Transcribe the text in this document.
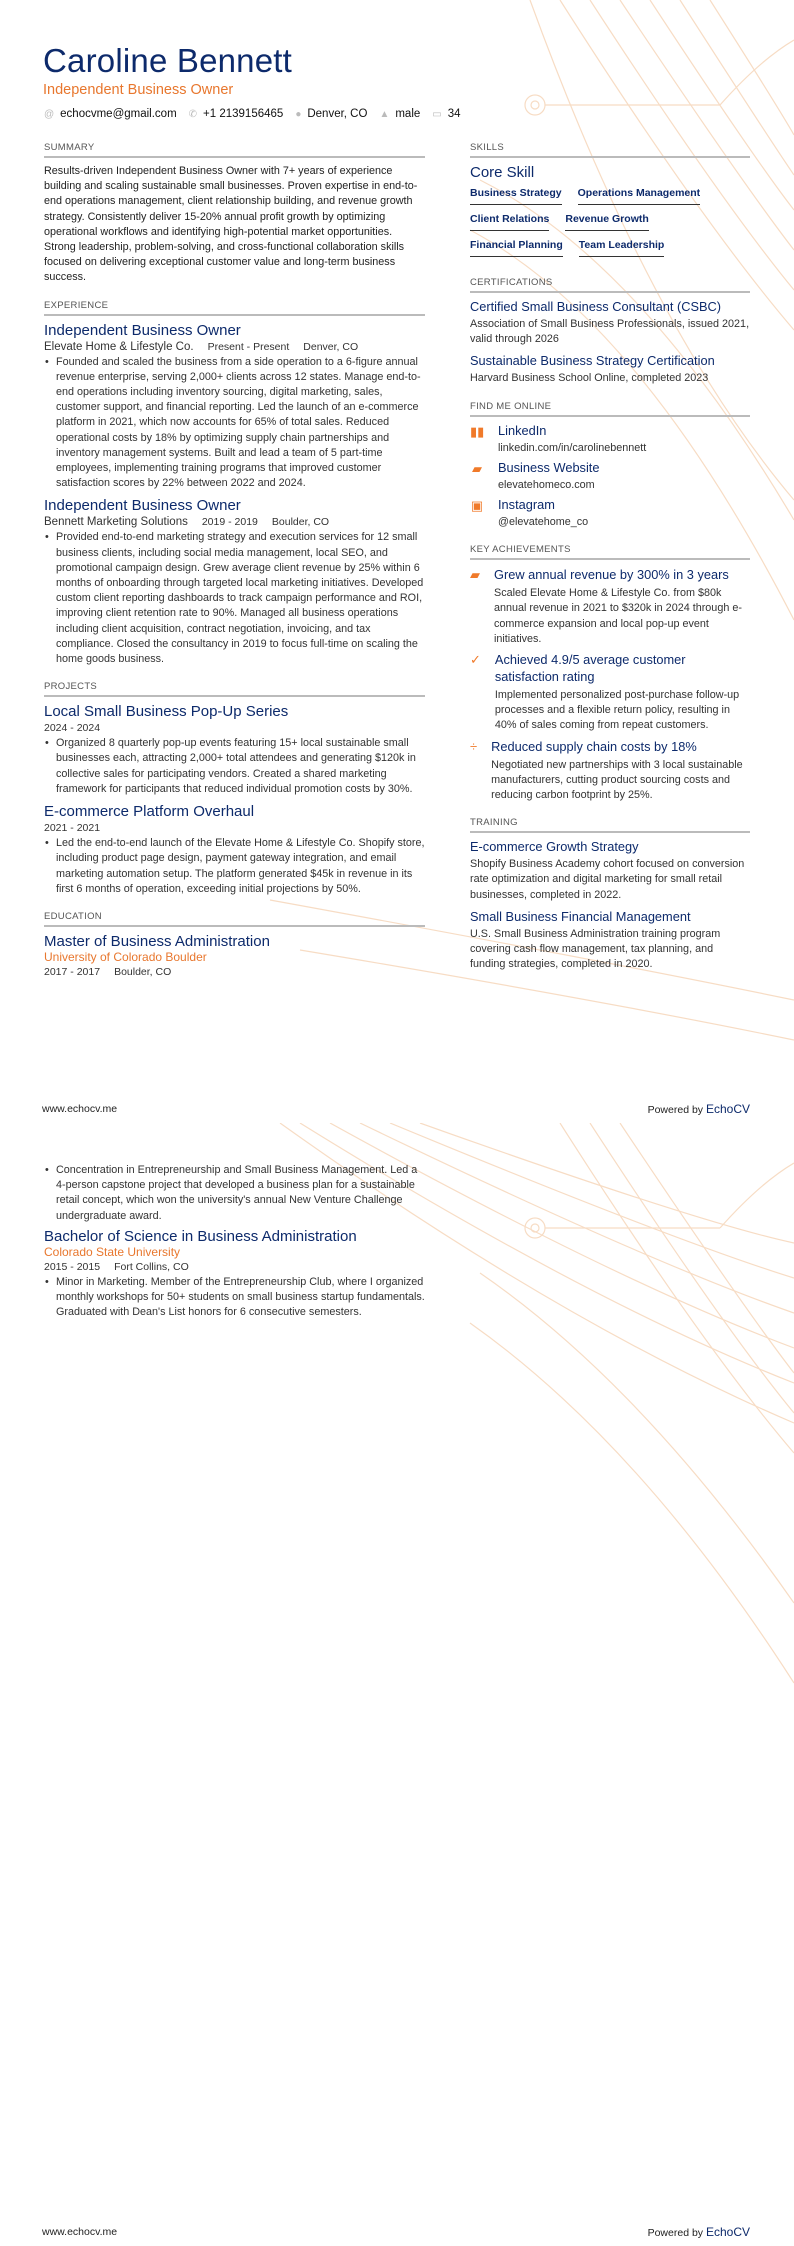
Caroline Bennett
Independent Business Owner
@ echocvme@gmail.com ✆ +1 2139156465 ● Denver, CO ▲ male ▭ 34
SUMMARY
Results-driven Independent Business Owner with 7+ years of experience building and scaling sustainable small businesses. Proven expertise in end-to-end operations management, client relationship building, and revenue growth strategy. Consistently deliver 15-20% annual profit growth by optimizing operational workflows and identifying high-potential market opportunities. Strong leadership, problem-solving, and cross-functional collaboration skills focused on delivering exceptional customer value and long-term business success.
EXPERIENCE
Independent Business Owner
Elevate Home & Lifestyle Co. Present - Present Denver, CO
• Founded and scaled the business from a side operation to a 6-figure annual revenue enterprise, serving 2,000+ clients across 12 states. Manage end-to-end operations including inventory sourcing, digital marketing, sales, customer support, and financial reporting. Led the launch of an e-commerce platform in 2021, which now accounts for 65% of total sales. Reduced operational costs by 18% by optimizing supply chain partnerships and inventory management systems. Built and lead a team of 5 part-time employees, implementing training programs that improved customer satisfaction scores by 22% between 2022 and 2024.
Independent Business Owner
Bennett Marketing Solutions 2019 - 2019 Boulder, CO
• Provided end-to-end marketing strategy and execution services for 12 small business clients, including social media management, local SEO, and promotional campaign design. Grew average client revenue by 25% within 6 months of onboarding through targeted local marketing initiatives. Developed custom client reporting dashboards to track campaign performance and ROI, improving client retention rate to 90%. Managed all business operations including client acquisition, contract negotiation, invoicing, and tax compliance. Closed the consultancy in 2019 to focus full-time on scaling the home goods business.
PROJECTS
Local Small Business Pop-Up Series
2024 - 2024
• Organized 8 quarterly pop-up events featuring 15+ local sustainable small businesses each, attracting 2,000+ total attendees and generating $120k in collective sales for participating vendors. Created a shared marketing framework for participants that reduced individual promotion costs by 30%.
E-commerce Platform Overhaul
2021 - 2021
• Led the end-to-end launch of the Elevate Home & Lifestyle Co. Shopify store, including product page design, payment gateway integration, and email marketing automation setup. The platform generated $45k in revenue in its first 6 months of operation, exceeding initial projections by 50%.
EDUCATION
Master of Business Administration
University of Colorado Boulder
2017 - 2017 Boulder, CO
SKILLS
Core Skill
Business Strategy Operations Management
Client Relations Revenue Growth
Financial Planning Team Leadership
CERTIFICATIONS
Certified Small Business Consultant (CSBC)
Association of Small Business Professionals, issued 2021, valid through 2026
Sustainable Business Strategy Certification
Harvard Business School Online, completed 2023
FIND ME ONLINE
▮▮ LinkedIn
linkedin.com/in/carolinebennett
▰ Business Website
elevatehomeco.com
▣ Instagram
@elevatehome_co
KEY ACHIEVEMENTS
▰ Grew annual revenue by 300% in 3 years
Scaled Elevate Home & Lifestyle Co. from $80k annual revenue in 2021 to $320k in 2024 through e-commerce expansion and local pop-up event initiatives.
✓ Achieved 4.9/5 average customer satisfaction rating
Implemented personalized post-purchase follow-up processes and a flexible return policy, resulting in 40% of sales coming from repeat customers.
÷ Reduced supply chain costs by 18%
Negotiated new partnerships with 3 local sustainable manufacturers, cutting product sourcing costs and reducing carbon footprint by 25%.
TRAINING
E-commerce Growth Strategy
Shopify Business Academy cohort focused on conversion rate optimization and digital marketing for small retail businesses, completed in 2022.
Small Business Financial Management
U.S. Small Business Administration training program covering cash flow management, tax planning, and funding strategies, completed in 2020.
www.echocv.me	Powered by EchoCV
• Concentration in Entrepreneurship and Small Business Management. Led a 4-person capstone project that developed a business plan for a sustainable retail concept, which won the university's annual New Venture Challenge undergraduate award.
Bachelor of Science in Business Administration
Colorado State University
2015 - 2015 Fort Collins, CO
• Minor in Marketing. Member of the Entrepreneurship Club, where I organized monthly workshops for 50+ students on small business startup fundamentals. Graduated with Dean's List honors for 6 consecutive semesters.
www.echocv.me	Powered by EchoCV
